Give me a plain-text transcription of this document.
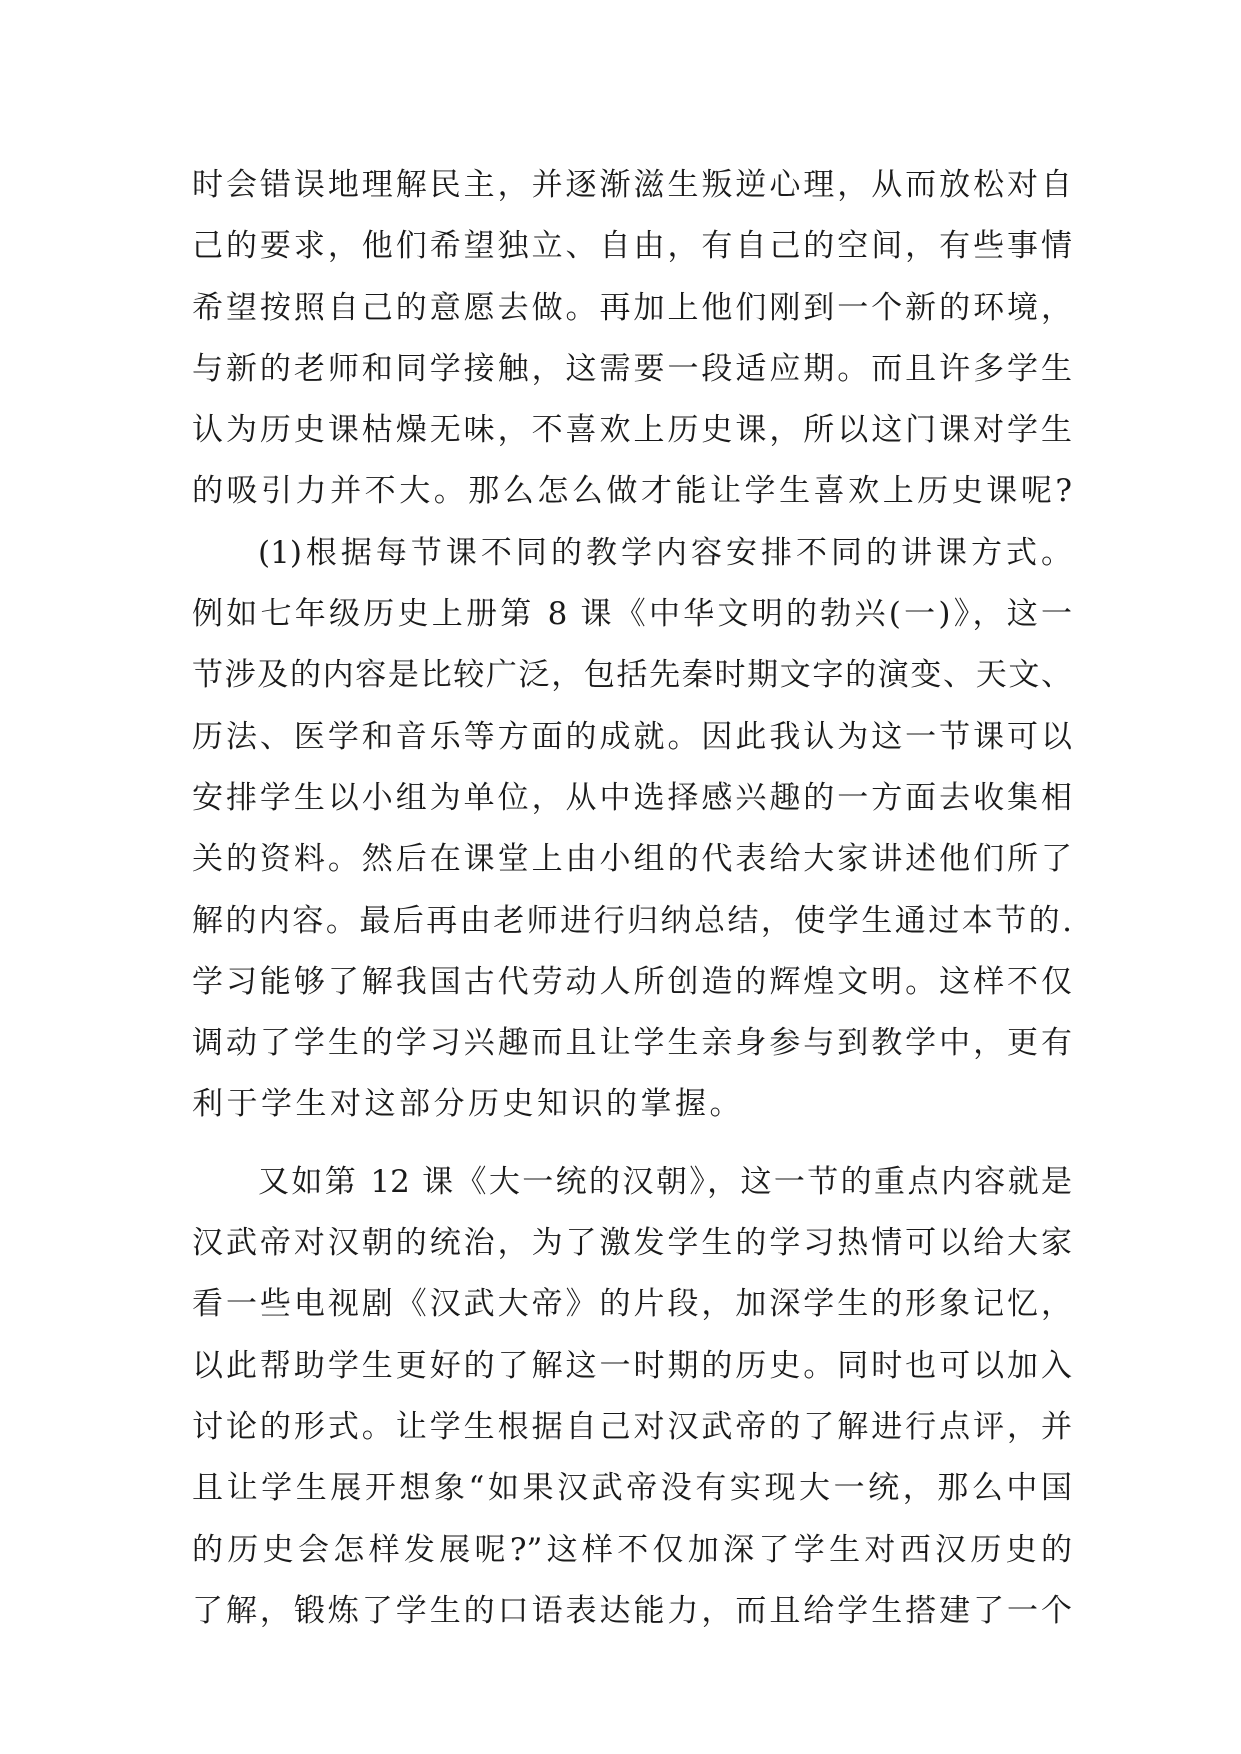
时会错误地理解民主，并逐渐滋生叛逆心理，从而放松对自
己的要求，他们希望独立、自由，有自己的空间，有些事情
希望按照自己的意愿去做。再加上他们刚到一个新的环境，
与新的老师和同学接触，这需要一段适应期。而且许多学生
认为历史课枯燥无味，不喜欢上历史课，所以这门课对学生
的吸引力并不大。那么怎么做才能让学生喜欢上历史课呢?
(1)根据每节课不同的教学内容安排不同的讲课方式。
例如七年级历史上册第 8 课《中华文明的勃兴(一)》，这一
节涉及的内容是比较广泛，包括先秦时期文字的演变、天文、
历法、医学和音乐等方面的成就。因此我认为这一节课可以
安排学生以小组为单位，从中选择感兴趣的一方面去收集相
关的资料。然后在课堂上由小组的代表给大家讲述他们所了
解的内容。最后再由老师进行归纳总结，使学生通过本节的.
学习能够了解我国古代劳动人所创造的辉煌文明。这样不仅
调动了学生的学习兴趣而且让学生亲身参与到教学中，更有
利于学生对这部分历史知识的掌握。
又如第 12 课《大一统的汉朝》，这一节的重点内容就是
汉武帝对汉朝的统治，为了激发学生的学习热情可以给大家
看一些电视剧《汉武大帝》的片段，加深学生的形象记忆，
以此帮助学生更好的了解这一时期的历史。同时也可以加入
讨论的形式。让学生根据自己对汉武帝的了解进行点评，并
且让学生展开想象“如果汉武帝没有实现大一统，那么中国
的历史会怎样发展呢?”这样不仅加深了学生对西汉历史的
了解，锻炼了学生的口语表达能力，而且给学生搭建了一个
